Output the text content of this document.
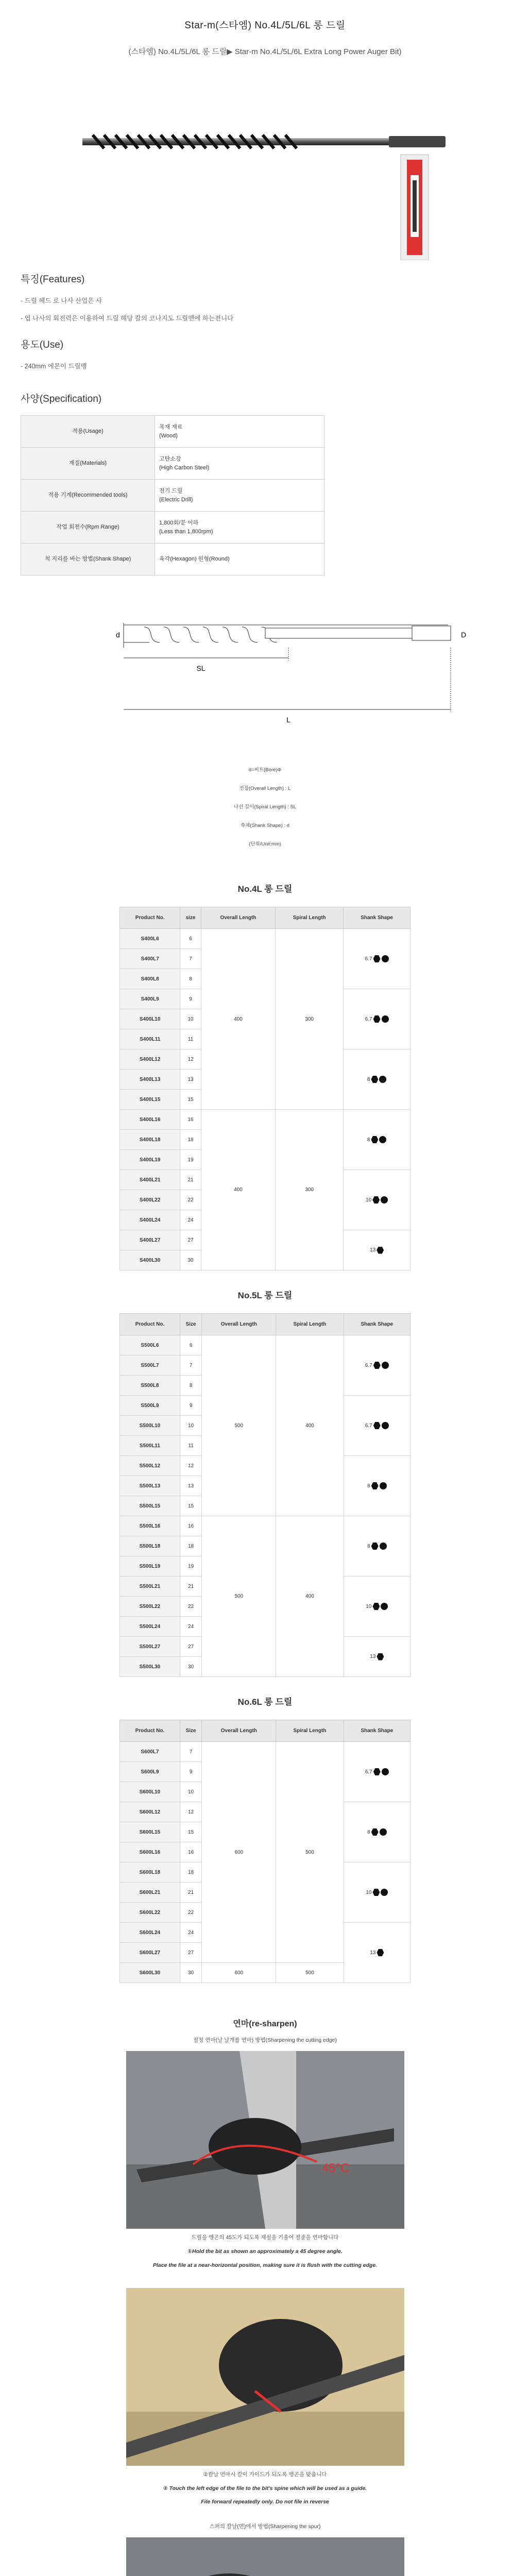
Star-m(스타엠) No.4L/5L/6L 롱 드릴
(스타엠) No.4L/5L/6L 롱 드릴▶ Star-m No.4L/5L/6L Extra Long Power Auger Bit)
특징(Features)

- 드릴 헤드 로 나사 산업은 샤

- 엽 나사의 회전력은 이용하여 드릴 해당 칼의 코나지도 드릴맨에 하는젼니다

용도(Use)

- 240mm 에몬이 드릴맹

사양(Specification)
적용(Usage)	목재 재료
(Wood)
재질(Materials)	고탄소강
(High Carbon Steel)
적용 기계(Recommended tools)	전기 드릴
(Electric Drill)
작업 회전수(Rpm Range)	1,800회/분 이하
(Less than 1,800rpm)
척 지리를 바는 방법(Shank Shape)	육각(Hexagon) 원형(Round)
d	D
SL
L
d=비트(Bore)Φ
전장(Overall Length) : L
나선 길이(Spiral Length) : SL
축체(Shank Shape) : d
(단위/Unit:mm)
No.4L 롱 드릴
Product No.	size	Overall Length	Spiral Length	Shank Shape
S400L6	6	400	300	6.7

S400L7	7			
S400L8	8			
S400L9	9			6.7

S400L10	10			
S400L11	11			
S400L12	12			8

S400L13	13			
S400L15	15			
S400L16	16	400	300	8

S400L18	18			
S400L19	19			
S400L21	21			10

S400L22	22			
S400L24	24			
S400L27	27			13

S400L30	30			
No.5L 롱 드릴
Product No.	Size	Overall Length	Spiral Length	Shank Shape
S500L6	6	500	400	6.7

S500L7	7			
S500L8	8			
S500L9	9			6.7

S500L10	10			
S500L11	11			
S500L12	12			8

S500L13	13			
S500L15	15			
S500L16	16	500	400	8

S500L18	18			
S500L19	19			
S500L21	21			10

S500L22	22			
S500L24	24			
S500L27	27			13

S500L30	30			
No.6L 롱 드릴
Product No.	Size	Overall Length	Spiral Length	Shank Shape
S600L7	7	600	500	6.7

S600L9	9			
S600L10	10			
S600L12	12			8

S600L15	15			
S600L16	16			
S600L18	18			10

S600L21	21			
S600L22	22			
S600L24	24			13

S600L27	27			
S600L30	30	600	500	
연마(re-sharpen)
절칭 연마(날 날개를 연마) 방법(Sharpening the cutting edge)
45°C
드릴을 앵곤의 45도가 되도록 재설을 기울어 절종을 연마합니다
①Hold the bit as shown an approximately a 45 degree angle.
Place the file at a near-horizontal position, making sure it is flush with the cutting edge.
②칼날 연마시 칼이 가이드가 되도록 앵곤을 맞춥니다
② Touch the left edge of the file to the bit's spine which will be used as a guide.
File forward repeatedly only. Do not file in reverse
스퍼의 칼날(면)에서 방법(Sharpening the spur)
